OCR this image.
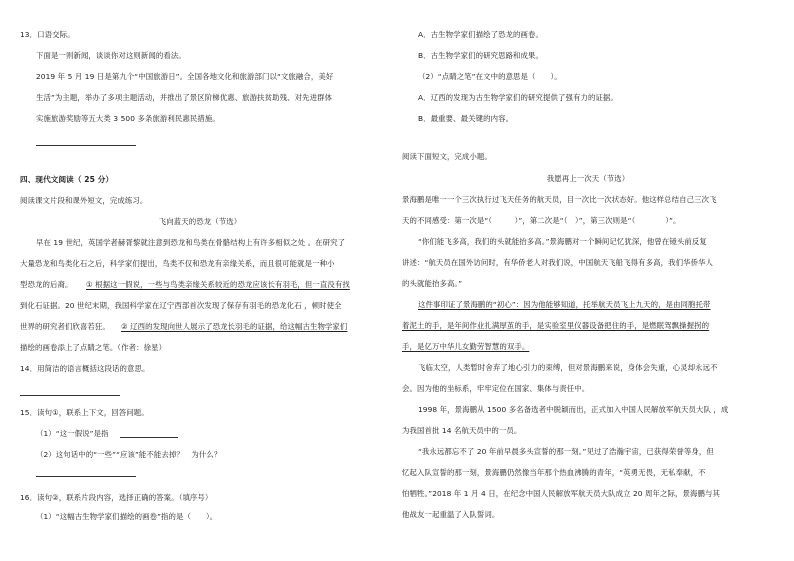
13．口语交际。
下面是一则新闻，谈谈你对这则新闻的看法。
2019 年 5 月 19 日是第九个“中国旅游日”。全国各地文化和旅游部门以“文旅融合，美好
生活”为主题，举办了多项主题活动，并推出了景区阶梯优惠、旅游扶贫助残、对先进群体
实施旅游奖励等五大类 3 500 多条旅游利民惠民措施。
四、现代文阅读（ 25 分）
阅读课文片段和课外短文，完成练习。
飞向蓝天的恐龙（节选）
早在 19 世纪，英国学者赫胥黎就注意到恐龙和鸟类在骨骼结构上有许多相似之处 。在研究了
大量恐龙和鸟类化石之后，科学家们提出，鸟类不仅和恐龙有亲缘关系，而且很可能就是一种小
型恐龙的后裔。 ① 根据这一假说，一些与鸟类亲缘关系较近的恐龙应该长有羽毛，但一直没有找
到化石证据。20 世纪末期，我国科学家在辽宁西部首次发现了保存有羽毛的恐龙化石 ，顿时使全
世界的研究者们欣喜若狂。 ② 辽西的发现向世人展示了恐龙长羽毛的证据，给这幅古生物学家们
描绘的画卷添上了点睛之笔。（作者：徐星）
14．用简洁的语言概括这段话的意思。
15．读句①，联系上下文，回答问题。
（1）“这一假说”是指
（2）这句话中的“一些”“应该”能不能去掉？　为什么？
16．读句②，联系片段内容，选择正确的答案。（填序号）
（1）“这幅古生物学家们描绘的画卷”指的是（　　）。
A．古生物学家们描绘了恐龙的画卷。
B．古生物学家们的研究思路和成果。
（2）“点睛之笔”在文中的意思是（　　）。
A．辽西的发现为古生物学家们的研究提供了强有力的证据。
B．最重要、最关键的内容。
阅读下面短文，完成小题。
我愿再上一次天（节选）
景海鹏是唯一一个三次执行过飞天任务的航天员，目一次比一次状态好。他这样总结自己三次飞
天的不同感受：第一次是“（　　　）”，第二次是“（　）”，第三次则是“（　　　　）”。
“你们能飞多高，我们的头就能抬多高。”景海鹏对一个瞬间记忆犹深，他曾在镜头前反复
讲述：“航天员在国外访问时，有华侨老人对我们说，中国航天飞船飞得有多高，我们华侨华人
的头就能抬多高。”
这件事印证了景海鹏的“初心”：因为他能够知道，托举航天员飞上九天的，是由同胞托带
着泥土的手，是年间作业扎满厚茧的手，是实验室里仪器设备把住的手，是燃眠驾飘操握拐的
手，是亿万中华儿女勤劳智慧的双手。
飞临太空，人类暂时舍弃了地心引力的束缚，但对景海鹏来说，身体会失重，心灵却永远不
会。因为他的坐标系，牢牢定位在国家、集体与责任中。
1998 年，景海鹏从 1500 多名备选者中脱颖而出，正式加入中国人民解放军航天员大队 ，成
为我国首批 14 名航天员中的一员。
“我永远都忘不了 20 年前早晨多头宣誓的那一刻。”见过了浩瀚宇宙，已获得荣誉等身，但
忆起入队宣誓的那一刻，景海鹏仍然像当年那个热血沸腾的青年，“英勇无畏，无私奉献，不
怕牺牲。”2018 年 1 月 4 日，在纪念中国人民解放军航天员大队成立 20 周年之际，景海鹏与其
他战友一起重温了入队誓词。
